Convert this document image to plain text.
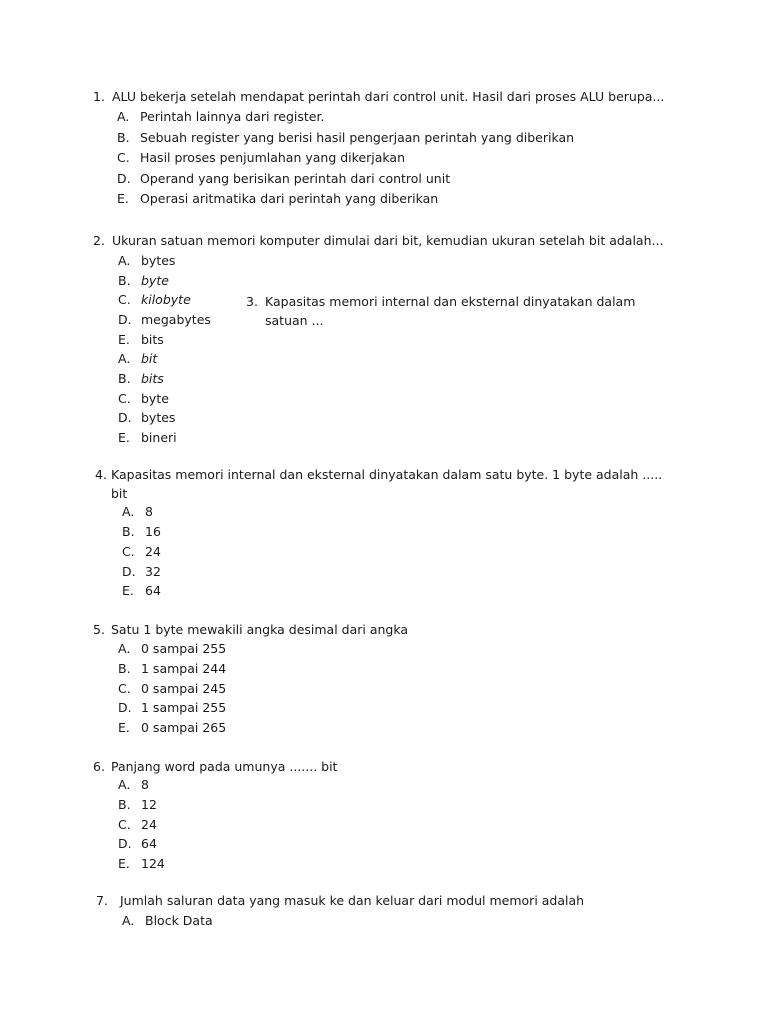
1. ALU bekerja setelah mendapat perintah dari control unit. Hasil dari proses ALU berupa...
A. Perintah lainnya dari register.
B. Sebuah register yang berisi hasil pengerjaan perintah yang diberikan
C. Hasil proses penjumlahan yang dikerjakan
D. Operand yang berisikan perintah dari control unit
E. Operasi aritmatika dari perintah yang diberikan
2. Ukuran satuan memori komputer dimulai dari bit, kemudian ukuran setelah bit adalah...
A. bytes
B. byte
C. kilobyte
D. megabytes
E. bits
A. bit
B. bits
C. byte
D. bytes
E. bineri
3. Kapasitas memori internal dan eksternal dinyatakan dalam
satuan ...
4. Kapasitas memori internal dan eksternal dinyatakan dalam satu byte. 1 byte adalah .....
bit
A. 8
B. 16
C. 24
D. 32
E. 64
5. Satu 1 byte mewakili angka desimal dari angka
A. 0 sampai 255
B. 1 sampai 244
C. 0 sampai 245
D. 1 sampai 255
E. 0 sampai 265
6. Panjang word pada umunya ....... bit
A. 8
B. 12
C. 24
D. 64
E. 124
7. Jumlah saluran data yang masuk ke dan keluar dari modul memori adalah
A. Block Data
